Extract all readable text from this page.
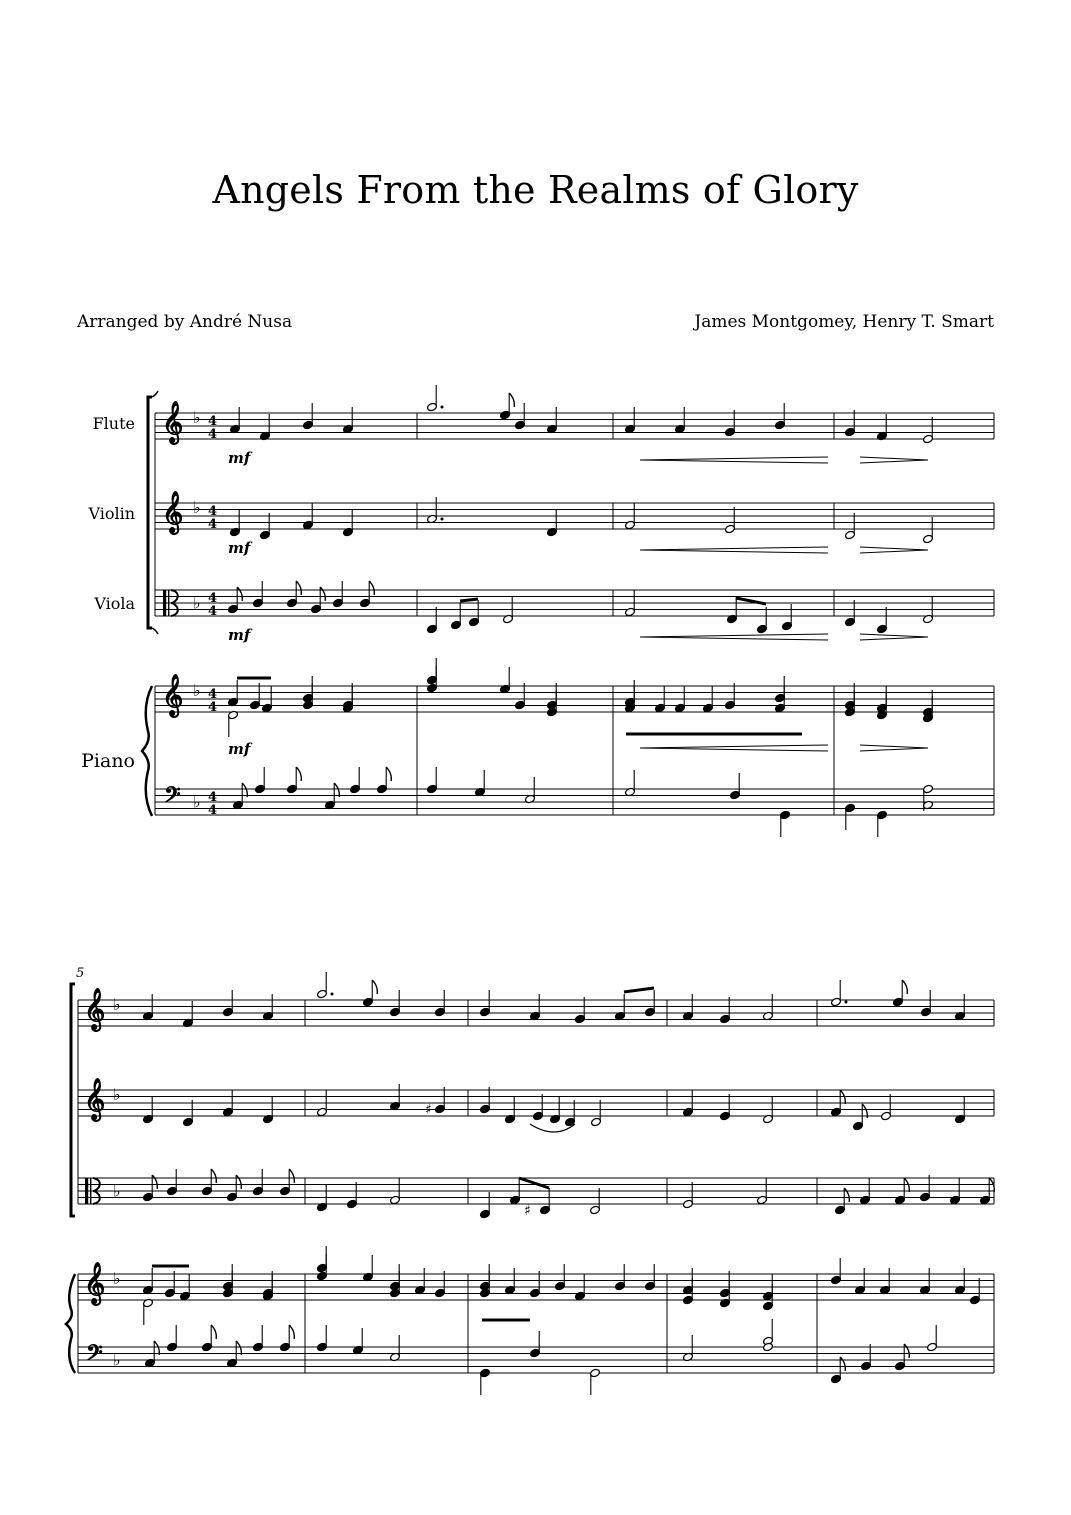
Angels From the Realms of Glory
Arranged by André Nusa	James Montgomey, Henry T. Smart
Flute
Violin
Viola
Piano
5
𝄞 ♭ 4
4
𝄞 ♭ 4
4
♭ 4
4
𝄞 ♭ 4
4
𝄢 ♭ 4
4
mf
mf
mf
mf
𝄞 ♭
𝄞 ♭
♭
𝄞 ♭
𝄢 ♭
♯
♯
